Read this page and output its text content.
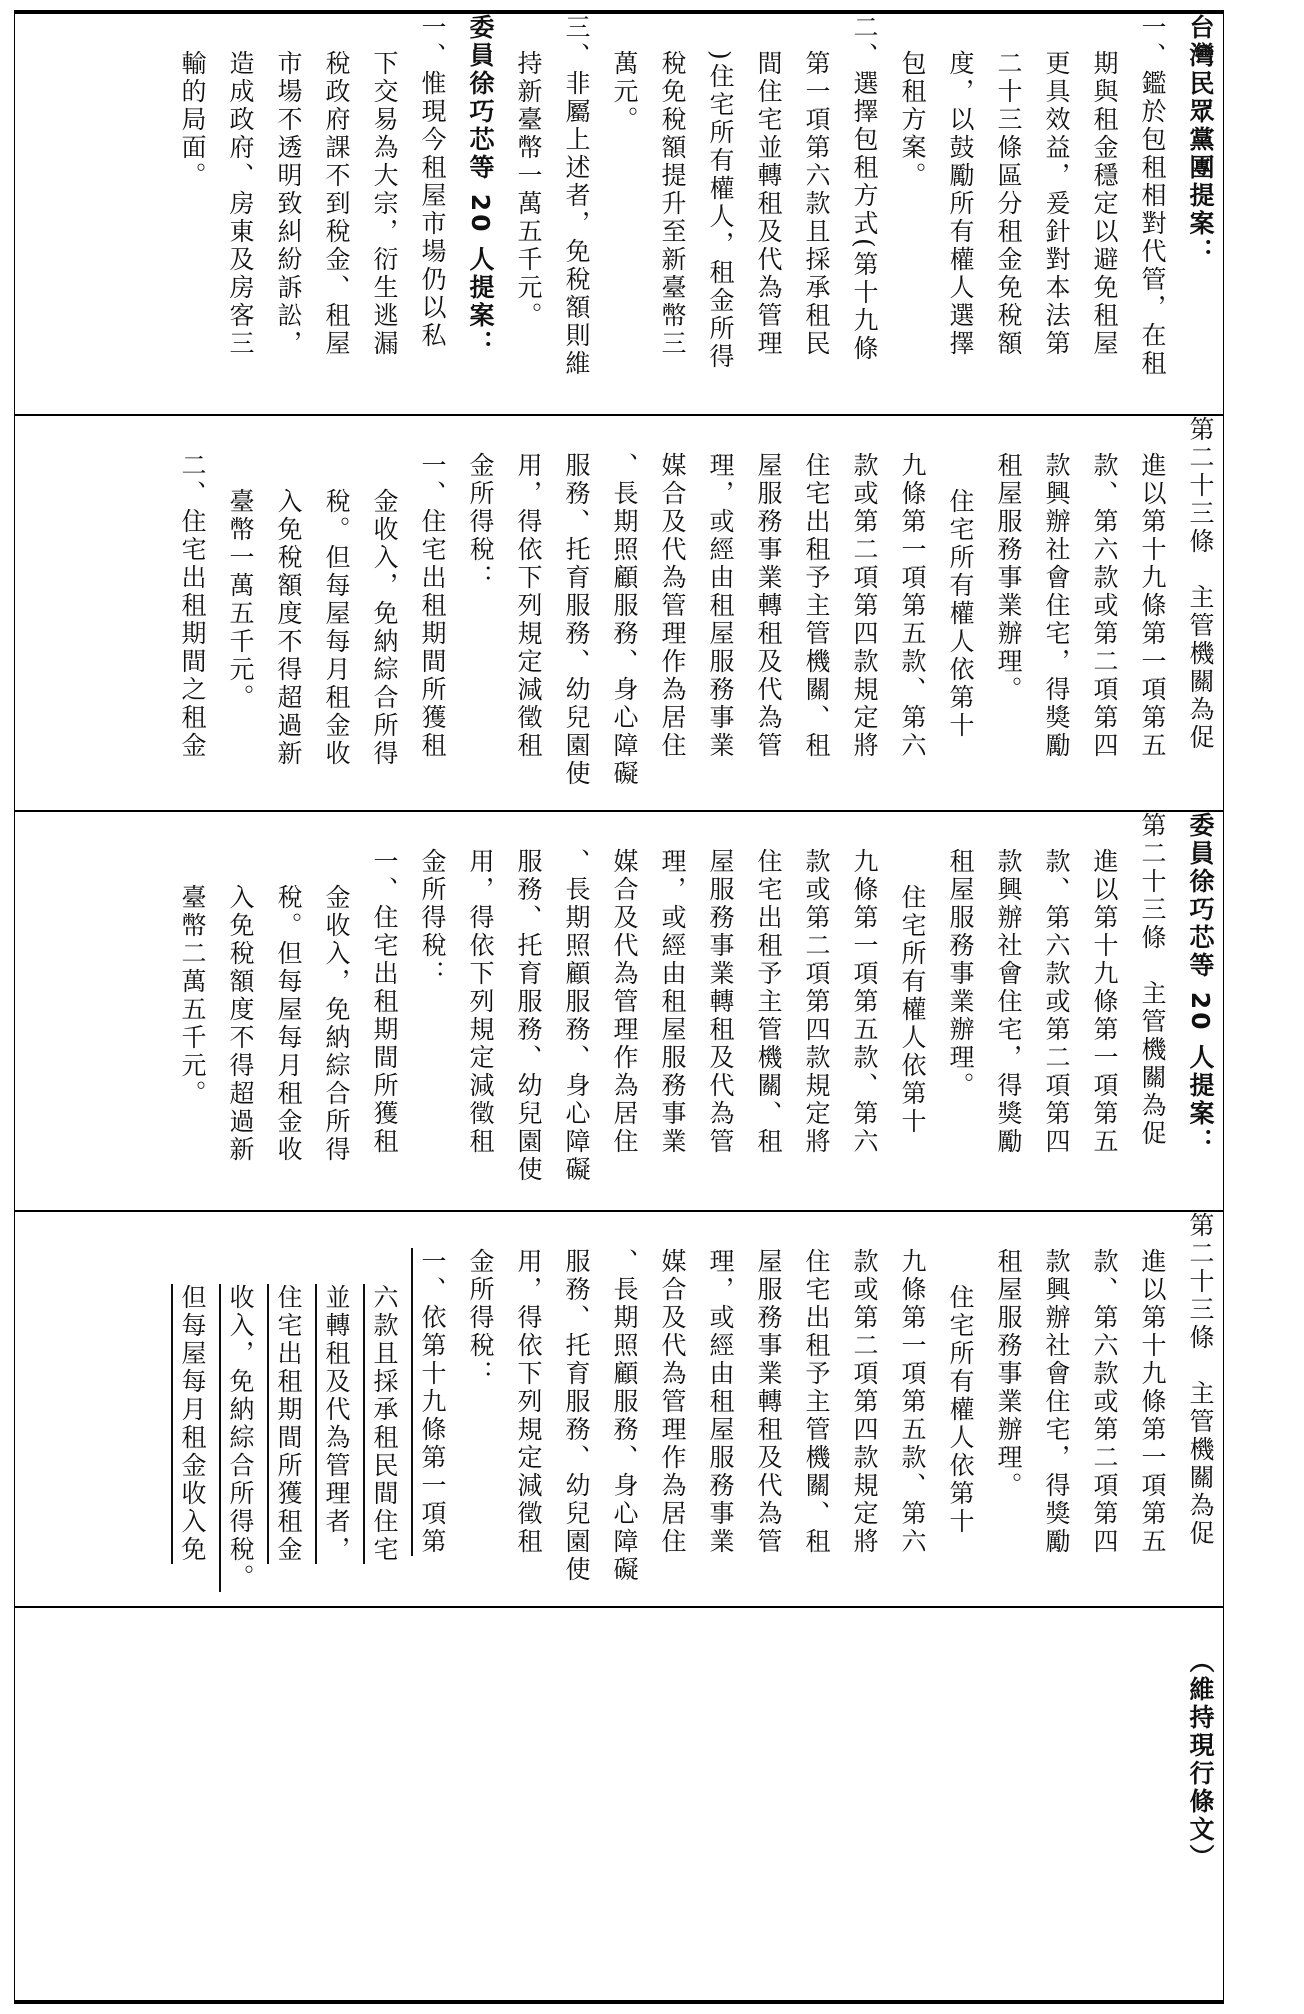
台灣民眾黨團提案：
一、鑑於包租相對代管，在租
期與租金穩定以避免租屋
更具效益，爰針對本法第
二十三條區分租金免稅額
度，以鼓勵所有權人選擇
包租方案。
二、選擇包租方式(第十九條
第一項第六款且採承租民
間住宅並轉租及代為管理
)住宅所有權人，租金所得
稅免稅額提升至新臺幣三
萬元。
三、非屬上述者，免稅額則維
持新臺幣一萬五千元。
委員徐巧芯等 20 人提案：
一、惟現今租屋市場仍以私
下交易為大宗，衍生逃漏
稅政府課不到稅金、租屋
市場不透明致糾紛訴訟，
造成政府、房東及房客三
輸的局面。
第二十三條　主管機關為促
進以第十九條第一項第五
款、第六款或第二項第四
款興辦社會住宅，得獎勵
租屋服務事業辦理。
住宅所有權人依第十
九條第一項第五款、第六
款或第二項第四款規定將
住宅出租予主管機關、租
屋服務事業轉租及代為管
理，或經由租屋服務事業
媒合及代為管理作為居住
、長期照顧服務、身心障礙
服務、托育服務、幼兒園使
用，得依下列規定減徵租
金所得稅：
一、住宅出租期間所獲租
金收入，免納綜合所得
稅。但每屋每月租金收
入免稅額度不得超過新
臺幣一萬五千元。
二、住宅出租期間之租金
委員徐巧芯等 20 人提案：
第二十三條　主管機關為促
進以第十九條第一項第五
款、第六款或第二項第四
款興辦社會住宅，得獎勵
租屋服務事業辦理。
住宅所有權人依第十
九條第一項第五款、第六
款或第二項第四款規定將
住宅出租予主管機關、租
屋服務事業轉租及代為管
理，或經由租屋服務事業
媒合及代為管理作為居住
、長期照顧服務、身心障礙
服務、托育服務、幼兒園使
用，得依下列規定減徵租
金所得稅：
一、住宅出租期間所獲租
金收入，免納綜合所得
稅。但每屋每月租金收
入免稅額度不得超過新
臺幣二萬五千元。
第二十三條　主管機關為促
進以第十九條第一項第五
款、第六款或第二項第四
款興辦社會住宅，得獎勵
租屋服務事業辦理。
住宅所有權人依第十
九條第一項第五款、第六
款或第二項第四款規定將
住宅出租予主管機關、租
屋服務事業轉租及代為管
理，或經由租屋服務事業
媒合及代為管理作為居住
、長期照顧服務、身心障礙
服務、托育服務、幼兒園使
用，得依下列規定減徵租
金所得稅：
一、依第十九條第一項第
六款且採承租民間住宅
並轉租及代為管理者，
住宅出租期間所獲租金
收入，免納綜合所得稅。
但每屋每月租金收入免
（維持現行條文）
